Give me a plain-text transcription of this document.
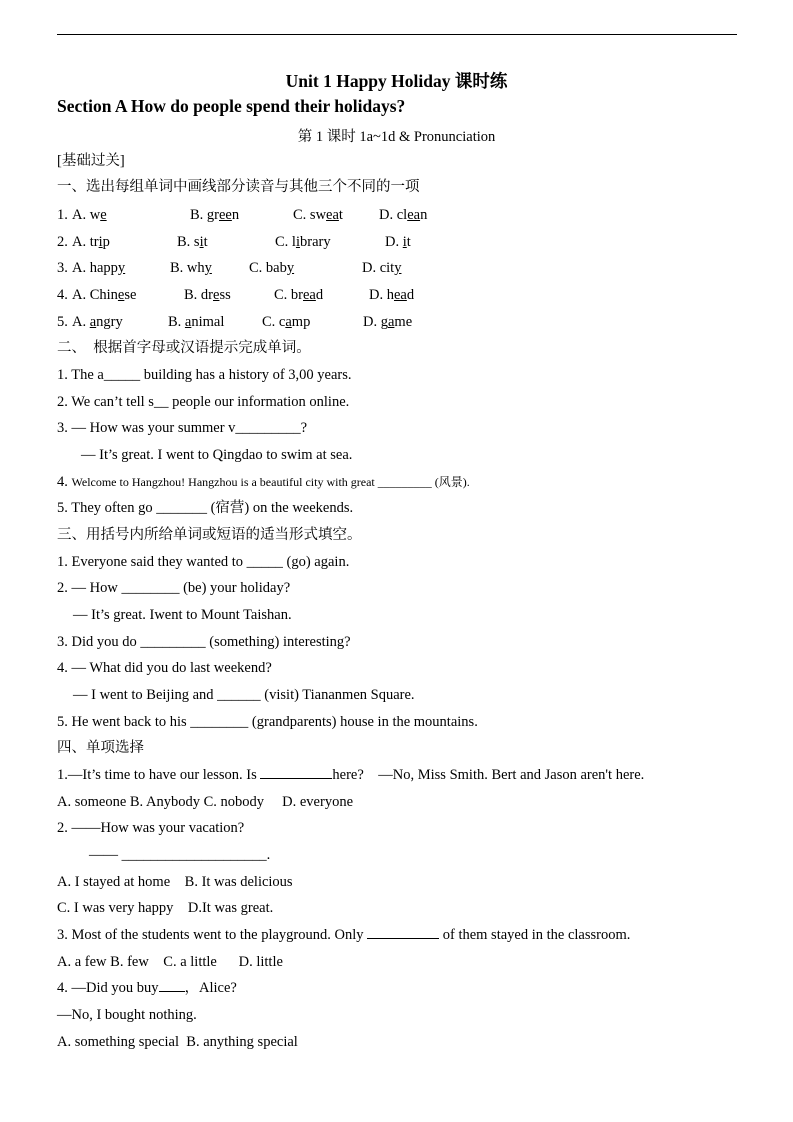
Unit 1 Happy Holiday 课时练
Section A How do people spend their holidays?
第 1 课时 1a~1d & Pronunciation
[基础过关]
一、选出每组单词中画线部分读音与其他三个不同的一项
1. A. we	B. green	C. sweat D. clean
2. A. trip	B. sit	C. library	D. it
3. A. happy	B. why	C. baby	D. city
4. A. Chinese	B. dress	C. bread	D. head
5. A. angry	B. animal	C. camp	D. game
二、  根据首字母或汉语提示完成单词。
1. The a_____ building has a history of 3,00 years.
2. We can’t tell s__ people our information online.
3. — How was your summer v_________?
— It’s great. I went to Qingdao to swim at sea.
4. Welcome to Hangzhou! Hangzhou is a beautiful city with great _________ (风景).
5. They often go _______ (宿营) on the weekends.
三、用括号内所给单词或短语的适当形式填空。
1. Everyone said they wanted to _____ (go) again.
2. — How ________ (be) your holiday?
— It’s great. Iwent to Mount Taishan.
3. Did you do _________ (something) interesting?
4. — What did you do last weekend?
— I went to Beijing and ______ (visit) Tiananmen Square.
5. He went back to his ________ (grandparents) house in the mountains.
四、单项选择
1.—It’s time to have our lesson. Is	here?    —No, Miss Smith. Bert and Jason aren't here.
A. someone B. Anybody C. nobody     D. everyone
2. ——How was your vacation?
—— ____________________.
A. I stayed at home    B. It was delicious
C. I was very happy    D.It was great.
3. Most of the students went to the playground. Only	of them stayed in the classroom.
A. a few B. few    C. a little      D. little
4. —Did you buy ，Alice?
—No, I bought nothing.
A. something special  B. anything special
